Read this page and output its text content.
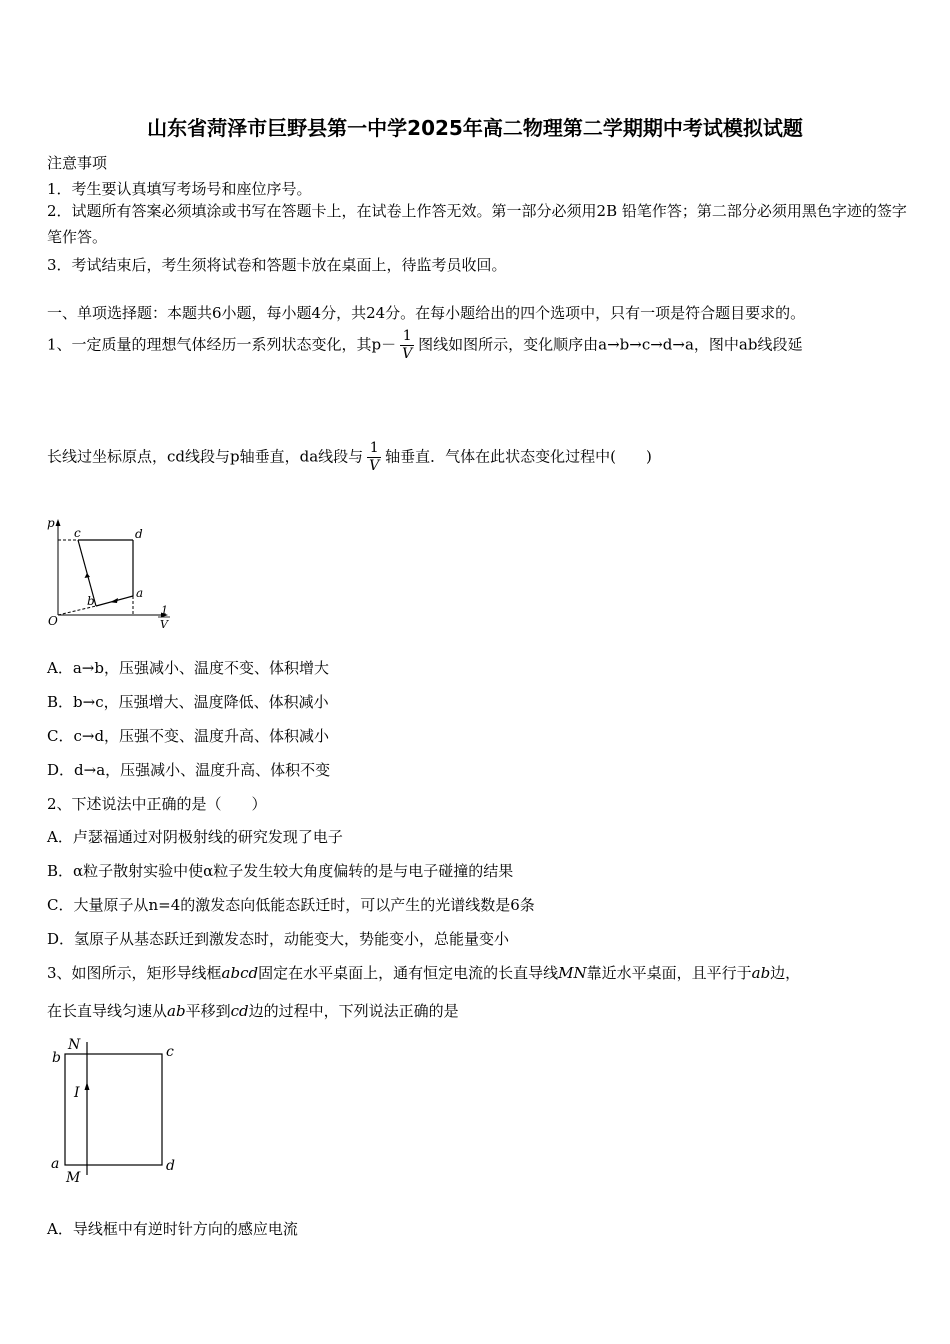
山东省菏泽市巨野县第一中学2025年高二物理第二学期期中考试模拟试题
注意事项
1．考生要认真填写考场号和座位序号。
2．试题所有答案必须填涂或书写在答题卡上，在试卷上作答无效。第一部分必须用2B 铅笔作答；第二部分必须用黑色字迹的签字笔作答。
3．考试结束后，考生须将试卷和答题卡放在桌面上，待监考员收回。
一、单项选择题：本题共6小题，每小题4分，共24分。在每小题给出的四个选项中，只有一项是符合题目要求的。
1、一定质量的理想气体经历一系列状态变化，其$p- \frac{1}{V}$ 图线如图所示，变化顺序由a→b→c→d→a，图中ab线段延
长线过坐标原点，cd线段与p轴垂直，da线段与 $\frac{1}{V}$ 轴垂直．气体在此状态变化过程中(　　)
p
O
1
V
c	d
b
a
A．a→b，压强减小、温度不变、体积增大
B．b→c，压强增大、温度降低、体积减小
C．c→d，压强不变、温度升高、体积减小
D．d→a，压强减小、温度升高、体积不变
2、下述说法中正确的是（　　）
A．卢瑟福通过对阴极射线的研究发现了电子
B．α粒子散射实验中使α粒子发生较大角度偏转的是与电子碰撞的结果
C．大量原子从n=4的激发态向低能态跃迁时，可以产生的光谱线数是6条
D．氢原子从基态跃迁到激发态时，动能变大，势能变小，总能量变小
3、如图所示，矩形导线框abcd固定在水平桌面上，通有恒定电流的长直导线MN靠近水平桌面，且平行于ab边，
在长直导线匀速从ab平移到cd边的过程中，下列说法正确的是
N
M
I
b	c
a	d
A．导线框中有逆时针方向的感应电流
